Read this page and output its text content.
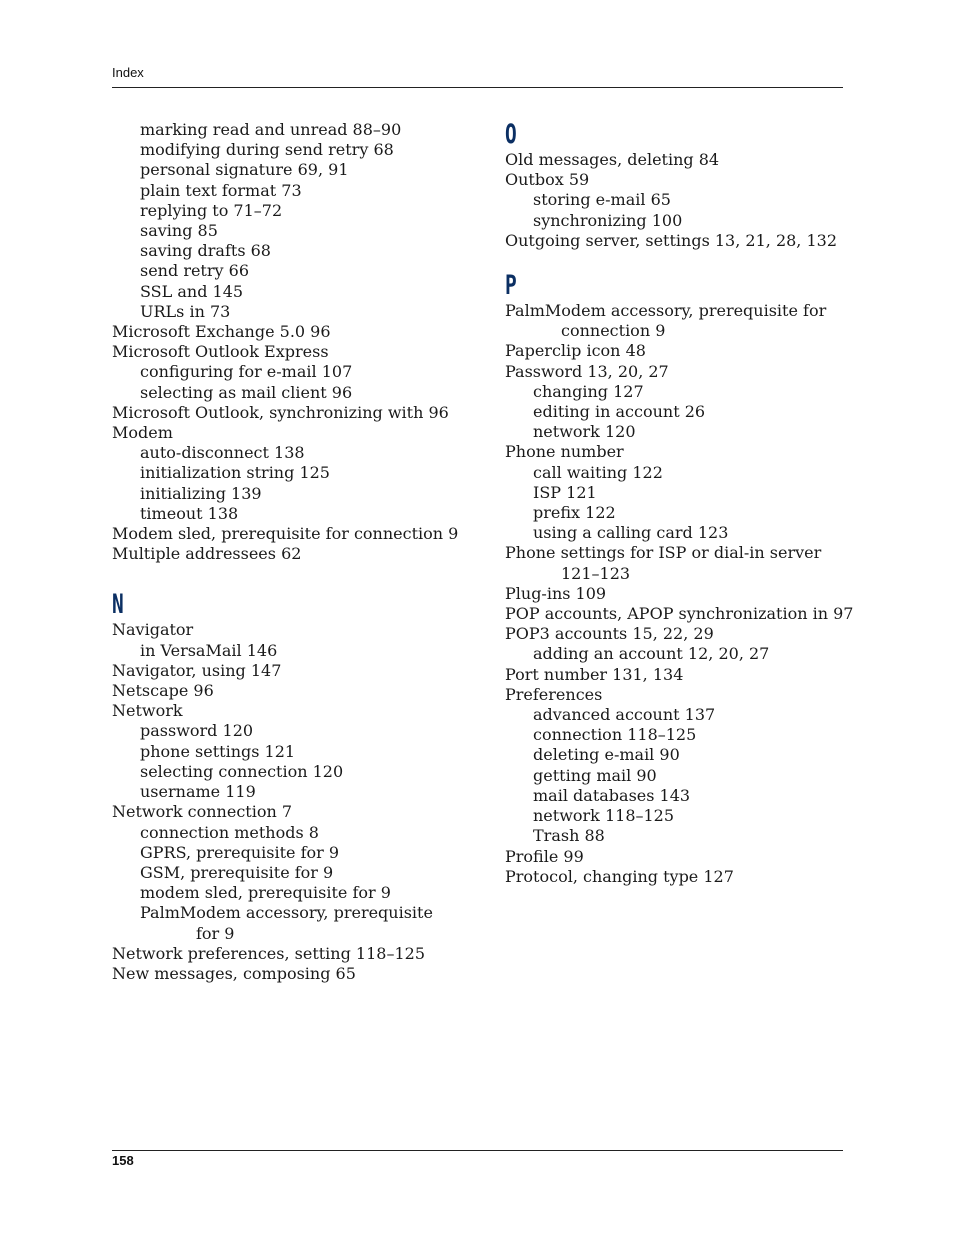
Index
marking read and unread 88–90
modifying during send retry 68
personal signature 69, 91
plain text format 73
replying to 71–72
saving 85
saving drafts 68
send retry 66
SSL and 145
URLs in 73
Microsoft Exchange 5.0 96
Microsoft Outlook Express
configuring for e-mail 107
selecting as mail client 96
Microsoft Outlook, synchronizing with 96
Modem
auto-disconnect 138
initialization string 125
initializing 139
timeout 138
Modem sled, prerequisite for connection 9
Multiple addressees 62
N
Navigator
in VersaMail 146
Navigator, using 147
Netscape 96
Network
password 120
phone settings 121
selecting connection 120
username 119
Network connection 7
connection methods 8
GPRS, prerequisite for 9
GSM, prerequisite for 9
modem sled, prerequisite for 9
PalmModem accessory, prerequisite
for 9
Network preferences, setting 118–125
New messages, composing 65
O
Old messages, deleting 84
Outbox 59
storing e-mail 65
synchronizing 100
Outgoing server, settings 13, 21, 28, 132
P
PalmModem accessory, prerequisite for
connection 9
Paperclip icon 48
Password 13, 20, 27
changing 127
editing in account 26
network 120
Phone number
call waiting 122
ISP 121
prefix 122
using a calling card 123
Phone settings for ISP or dial-in server
121–123
Plug-ins 109
POP accounts, APOP synchronization in 97
POP3 accounts 15, 22, 29
adding an account 12, 20, 27
Port number 131, 134
Preferences
advanced account 137
connection 118–125
deleting e-mail 90
getting mail 90
mail databases 143
network 118–125
Trash 88
Profile 99
Protocol, changing type 127
158
